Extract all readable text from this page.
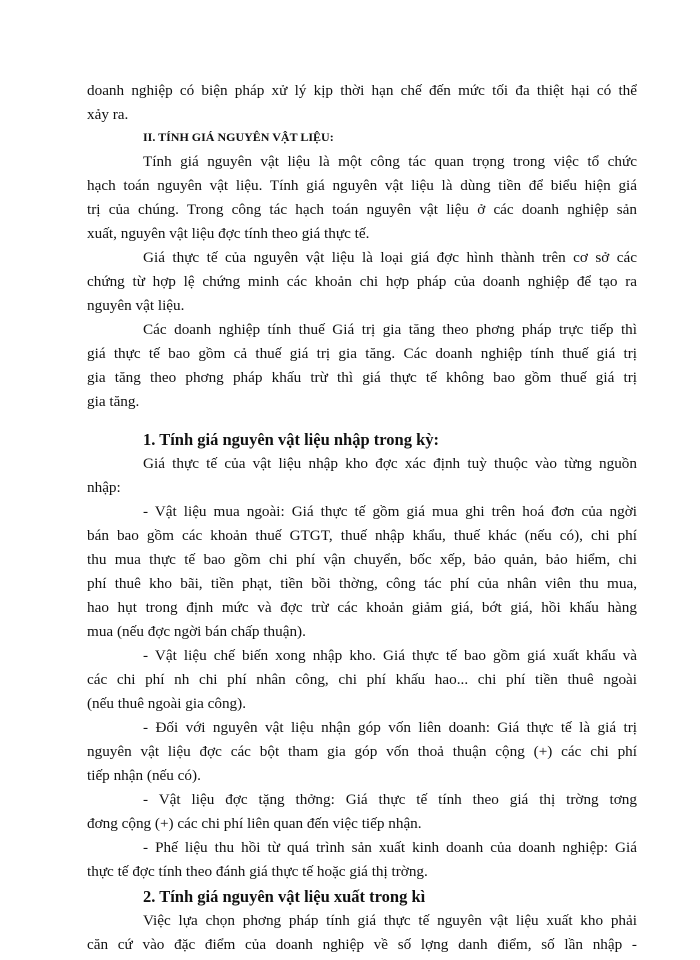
doanh nghiệp có biện pháp xử lý kịp thời hạn chế đến mức tối đa thiệt hại có thể
xảy ra.
II. TÍNH GIÁ NGUYÊN VẬT LIỆU:
Tính giá nguyên vật liệu là một công tác quan trọng trong việc tổ chức
hạch toán nguyên vật liệu. Tính giá nguyên vật liệu là dùng tiền để biểu hiện giá
trị của chúng. Trong công tác hạch toán nguyên vật liệu ở các doanh nghiệp sản
xuất, nguyên vật liệu đợc tính theo giá thực tế.
Giá thực tế của nguyên vật liệu là loại giá đợc hình thành trên cơ sở các
chứng từ hợp lệ chứng minh các khoản chi hợp pháp của doanh nghiệp để tạo ra
nguyên vật liệu.
Các doanh nghiệp tính thuế Giá trị gia tăng theo phơng pháp trực tiếp thì
giá thực tế bao gồm cả thuế giá trị gia tăng. Các doanh nghiệp tính thuế giá trị
gia tăng theo phơng pháp khấu trừ thì giá thực tế không bao gồm thuế giá trị
gia tăng.
1. Tính giá nguyên vật liệu nhập trong kỳ:
Giá thực tế của vật liệu nhập kho đợc xác định tuỳ thuộc vào từng nguồn
nhập:
- Vật liệu mua ngoài: Giá thực tế gồm giá mua ghi trên hoá đơn của ngời
bán bao gồm các khoản thuế GTGT, thuế nhập khẩu, thuế khác (nếu có), chi phí
thu mua thực tế bao gồm chi phí vận chuyển, bốc xếp, bảo quản, bảo hiểm, chi
phí thuê kho bãi, tiền phạt, tiền bồi thờng, công tác phí của nhân viên thu mua,
hao hụt trong định mức và đợc trừ các khoản giảm giá, bớt giá, hồi khấu hàng
mua (nếu đợc ngời bán chấp thuận).
- Vật liệu chế biến xong nhập kho. Giá thực tế bao gồm giá xuất khẩu và
các chi phí nh chi phí nhân công, chi phí khấu hao... chi phí tiền thuê ngoài
(nếu thuê ngoài gia công).
- Đối với nguyên vật liệu nhận góp vốn liên doanh: Giá thực tế là giá trị
nguyên vật liệu đợc các bột tham gia góp vốn thoả thuận cộng (+) các chi phí
tiếp nhận (nếu có).
- Vật liệu đợc tặng thởng: Giá thực tế tính theo giá thị trờng tơng
đơng cộng (+) các chi phí liên quan đến việc tiếp nhận.
- Phế liệu thu hồi từ quá trình sản xuất kinh doanh của doanh nghiệp: Giá
thực tế đợc tính theo đánh giá thực tế hoặc giá thị trờng.
2. Tính giá nguyên vật liệu xuất trong kì
Việc lựa chọn phơng pháp tính giá thực tế nguyên vật liệu xuất kho phải
căn cứ vào đặc điểm của doanh nghiệp về số lợng danh điểm, số lần nhập -
